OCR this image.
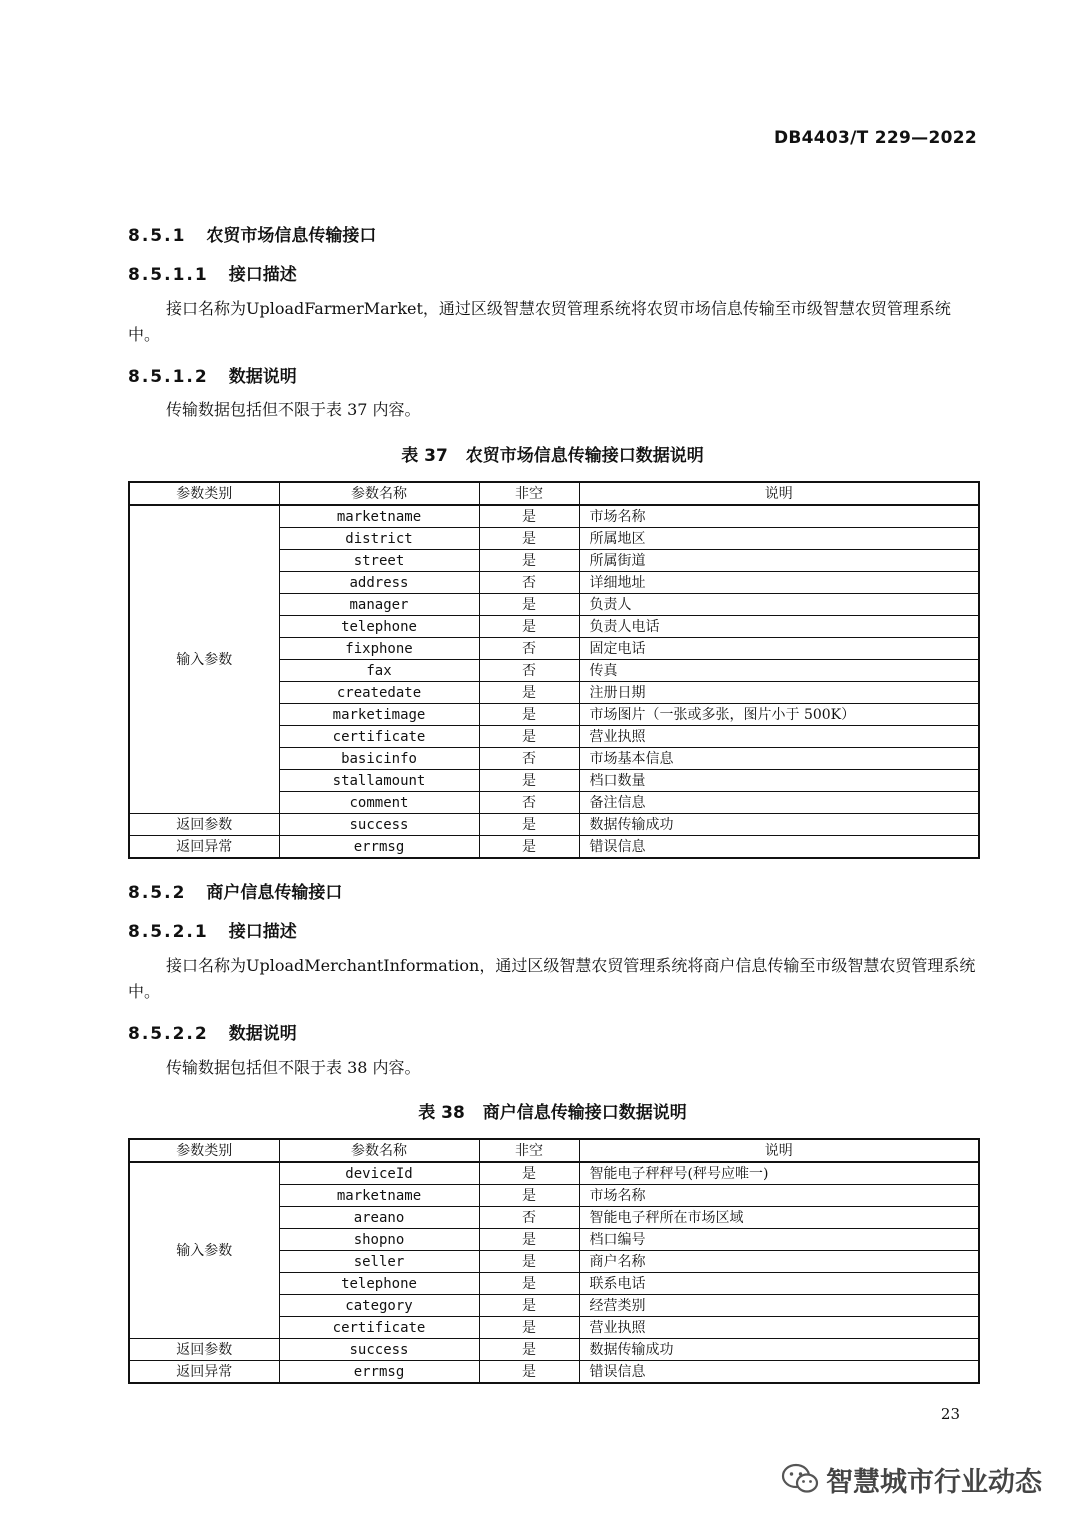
DB4403/T 229—2022
8.5.1 农贸市场信息传输接口
8.5.1.1 接口描述
接口名称为UploadFarmerMarket，通过区级智慧农贸管理系统将农贸市场信息传输至市级智慧农贸管理系统中。
8.5.1.2 数据说明
传输数据包括但不限于表 37 内容。
表 37 农贸市场信息传输接口数据说明
参数类别	参数名称	非空	说明
输入参数	marketname	是	市场名称
	district	是	所属地区
	street	是	所属街道
	address	否	详细地址
	manager	是	负责人
	telephone	是	负责人电话
	fixphone	否	固定电话
	fax	否	传真
	createdate	是	注册日期
	marketimage	是	市场图片（一张或多张，图片小于 500K）
	certificate	是	营业执照
	basicinfo	否	市场基本信息
	stallamount	是	档口数量
	comment	否	备注信息
返回参数	success	是	数据传输成功
返回异常	errmsg	是	错误信息
8.5.2 商户信息传输接口
8.5.2.1 接口描述
接口名称为UploadMerchantInformation，通过区级智慧农贸管理系统将商户信息传输至市级智慧农贸管理系统中。
8.5.2.2 数据说明
传输数据包括但不限于表 38 内容。
表 38 商户信息传输接口数据说明
参数类别	参数名称	非空	说明
输入参数	deviceId	是	智能电子秤秤号(秤号应唯一)
	marketname	是	市场名称
	areano	否	智能电子秤所在市场区域
	shopno	是	档口编号
	seller	是	商户名称
	telephone	是	联系电话
	category	是	经营类别
	certificate	是	营业执照
返回参数	success	是	数据传输成功
返回异常	errmsg	是	错误信息
23
智慧城市行业动态
